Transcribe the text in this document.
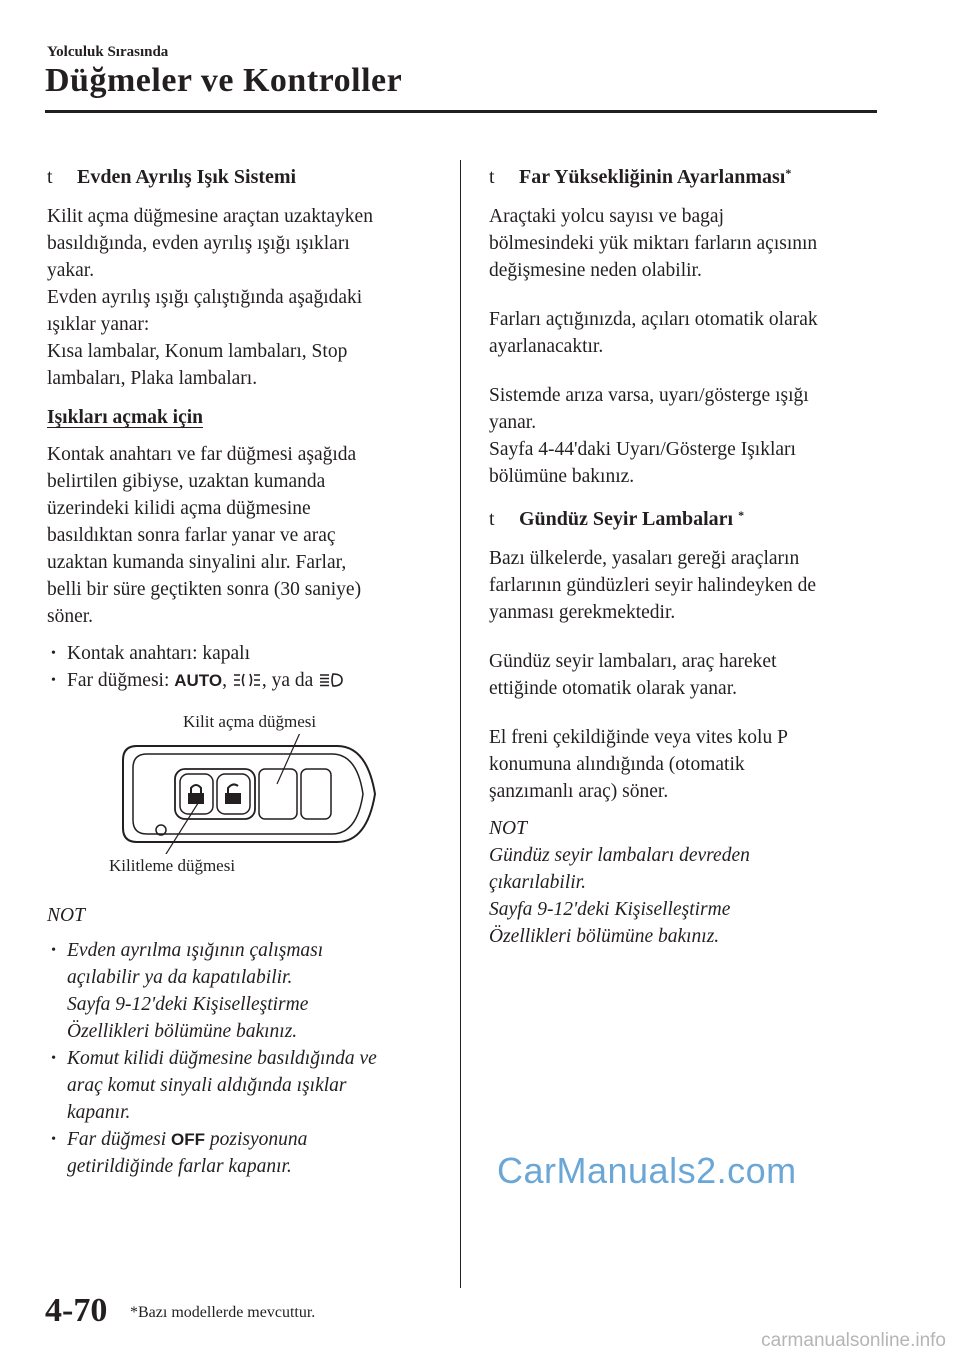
Yolculuk Sırasında
Düğmeler ve Kontroller
t Evden Ayrılış Işık Sistemi

Kilit açma düğmesine araçtan uzaktayken

basıldığında, evden ayrılış ışığı ışıkları

yakar.

Evden ayrılış ışığı çalıştığında aşağıdaki

ışıklar yanar:

Kısa lambalar, Konum lambaları, Stop

lambaları, Plaka lambaları.

Işıkları açmak için

Kontak anahtarı ve far düğmesi aşağıda

belirtilen gibiyse, uzaktan kumanda

üzerindeki kilidi açma düğmesine

basıldıktan sonra farlar yanar ve araç

uzaktan kumanda sinyalini alır. Farlar,

belli bir süre geçtikten sonra (30 saniye)

söner.

• Kontak anahtarı: kapalı
• Far düğmesi: AUTO, , ya da
Kilit açma düğmesi
Kilitleme düğmesi

NOT

• Evden ayrılma ışığının çalışması

açılabilir ya da kapatılabilir.

Sayfa 9-12'deki Kişiselleştirme

Özellikleri bölümüne bakınız.

• Komut kilidi düğmesine basıldığında ve

araç komut sinyali aldığında ışıklar

kapanır.

• Far düğmesi OFF pozisyonuna

getirildiğinde farlar kapanır.

t Far Yüksekliğinin Ayarlanması*

Araçtaki yolcu sayısı ve bagaj

bölmesindeki yük miktarı farların açısının

değişmesine neden olabilir.

Farları açtığınızda, açıları otomatik olarak

ayarlanacaktır.

Sistemde arıza varsa, uyarı/gösterge ışığı

yanar.

Sayfa 4-44'daki Uyarı/Gösterge Işıkları

bölümüne bakınız.

t Gündüz Seyir Lambaları *

Bazı ülkelerde, yasaları gereği araçların

farlarının gündüzleri seyir halindeyken de

yanması gerekmektedir.

Gündüz seyir lambaları, araç hareket

ettiğinde otomatik olarak yanar.

El freni çekildiğinde veya vites kolu P

konumuna alındığında (otomatik

şanzımanlı araç) söner.

NOT

Gündüz seyir lambaları devreden

çıkarılabilir.

Sayfa 9-12'deki Kişiselleştirme

Özellikleri bölümüne bakınız.

CarManuals2.com
4-70 *Bazı modellerde mevcuttur.
carmanualsonline.info
